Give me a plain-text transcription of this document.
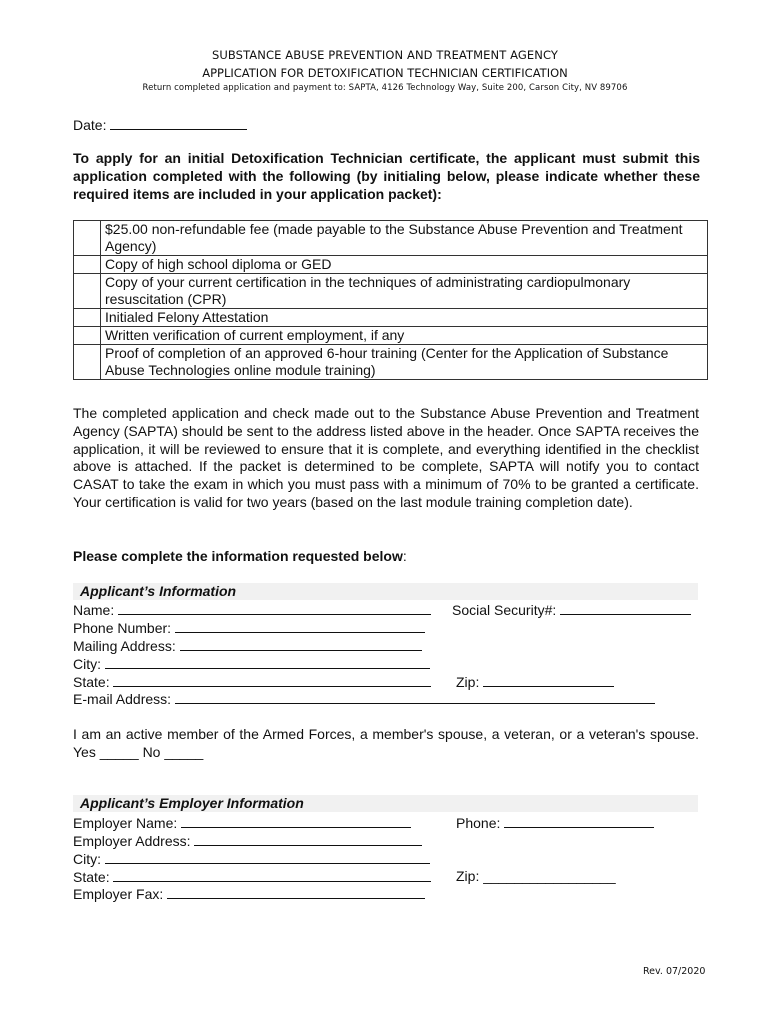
SUBSTANCE ABUSE PREVENTION AND TREATMENT AGENCY
APPLICATION FOR DETOXIFICATION TECHNICIAN CERTIFICATION
Return completed application and payment to: SAPTA, 4126 Technology Way, Suite 200, Carson City, NV 89706
Date:
To apply for an initial Detoxification Technician certificate, the applicant must submit this application completed with the following (by initialing below, please indicate whether these required items are included in your application packet):
	$25.00 non-refundable fee (made payable to the Substance Abuse Prevention and Treatment Agency)
	Copy of high school diploma or GED
	Copy of your current certification in the techniques of administrating cardiopulmonary resuscitation (CPR)
	Initialed Felony Attestation
	Written verification of current employment, if any
	Proof of completion of an approved 6-hour training (Center for the Application of Substance Abuse Technologies online module training)
The completed application and check made out to the Substance Abuse Prevention and Treatment Agency (SAPTA) should be sent to the address listed above in the header. Once SAPTA receives the application, it will be reviewed to ensure that it is complete, and everything identified in the checklist above is attached. If the packet is determined to be complete, SAPTA will notify you to contact CASAT to take the exam in which you must pass with a minimum of 70% to be granted a certificate. Your certification is valid for two years (based on the last module training completion date).
Please complete the information requested below:
Applicant’s Information
Name:	Social Security#:
Phone Number:
Mailing Address:
City:
State:	Zip:
E-mail Address:
I am an active member of the Armed Forces, a member's spouse, a veteran, or a veteran's spouse. Yes _____ No _____
Applicant’s Employer Information
Employer Name:	Phone:
Employer Address:
City:
State:	Zip: _________________
Employer Fax:
Rev. 07/2020
